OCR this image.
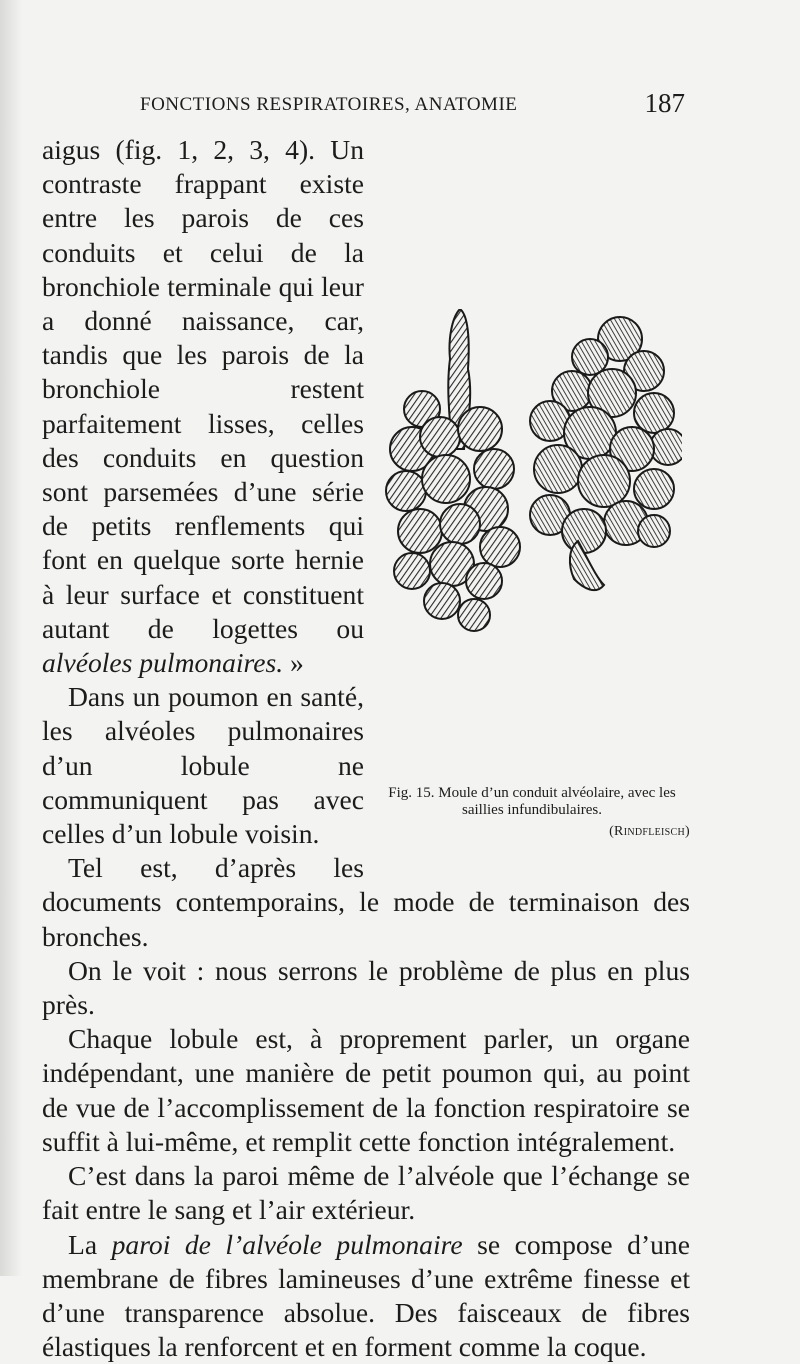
FONCTIONS RESPIRATOIRES, ANATOMIE	187
Fig. 15. Moule d’un conduit alvéolaire, avec les saillies infundibulaires.
(Rindfleisch)

aigus (fig. 1, 2, 3, 4). Un contraste frappant existe entre les parois de ces conduits et celui de la bronchiole terminale qui leur a donné naissance, car, tandis que les parois de la bronchiole restent parfaitement lisses, celles des conduits en question sont parsemées d’une série de petits renflements qui font en quelque sorte hernie à leur surface et constituent autant de logettes ou alvéoles pulmonaires. »

Dans un poumon en santé, les alvéoles pulmonaires d’un lobule ne communiquent pas avec celles d’un lobule voisin.

Tel est, d’après les documents contemporains, le mode de terminaison des bronches.

On le voit : nous serrons le problème de plus en plus près.

Chaque lobule est, à proprement parler, un organe indépendant, une manière de petit poumon qui, au point de vue de l’accomplissement de la fonction respiratoire se suffit à lui-même, et remplit cette fonction intégralement.

C’est dans la paroi même de l’alvéole que l’échange se fait entre le sang et l’air extérieur.

La paroi de l’alvéole pulmonaire se compose d’une membrane de fibres lamineuses d’une extrême finesse et d’une transparence absolue. Des faisceaux de fibres élastiques la renforcent et en forment comme la coque.
